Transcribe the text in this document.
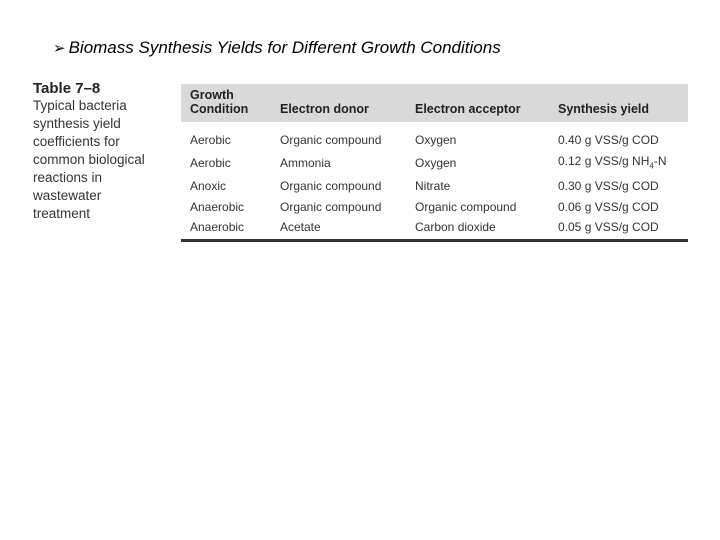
➢ Biomass Synthesis Yields for Different Growth Conditions
Table 7–8
Typical bacteria
synthesis yield
coefficients for
common biological
reactions in
wastewater
treatment
Growth Condition	Electron donor	Electron acceptor	Synthesis yield
Aerobic	Organic compound	Oxygen	0.40 g VSS/g COD
Aerobic	Ammonia	Oxygen	0.12 g VSS/g $NH_4-N$
Anoxic	Organic compound	Nitrate	0.30 g VSS/g COD
Anaerobic	Organic compound	Organic compound	0.06 g VSS/g COD
Anaerobic	Acetate	Carbon dioxide	0.05 g VSS/g COD
